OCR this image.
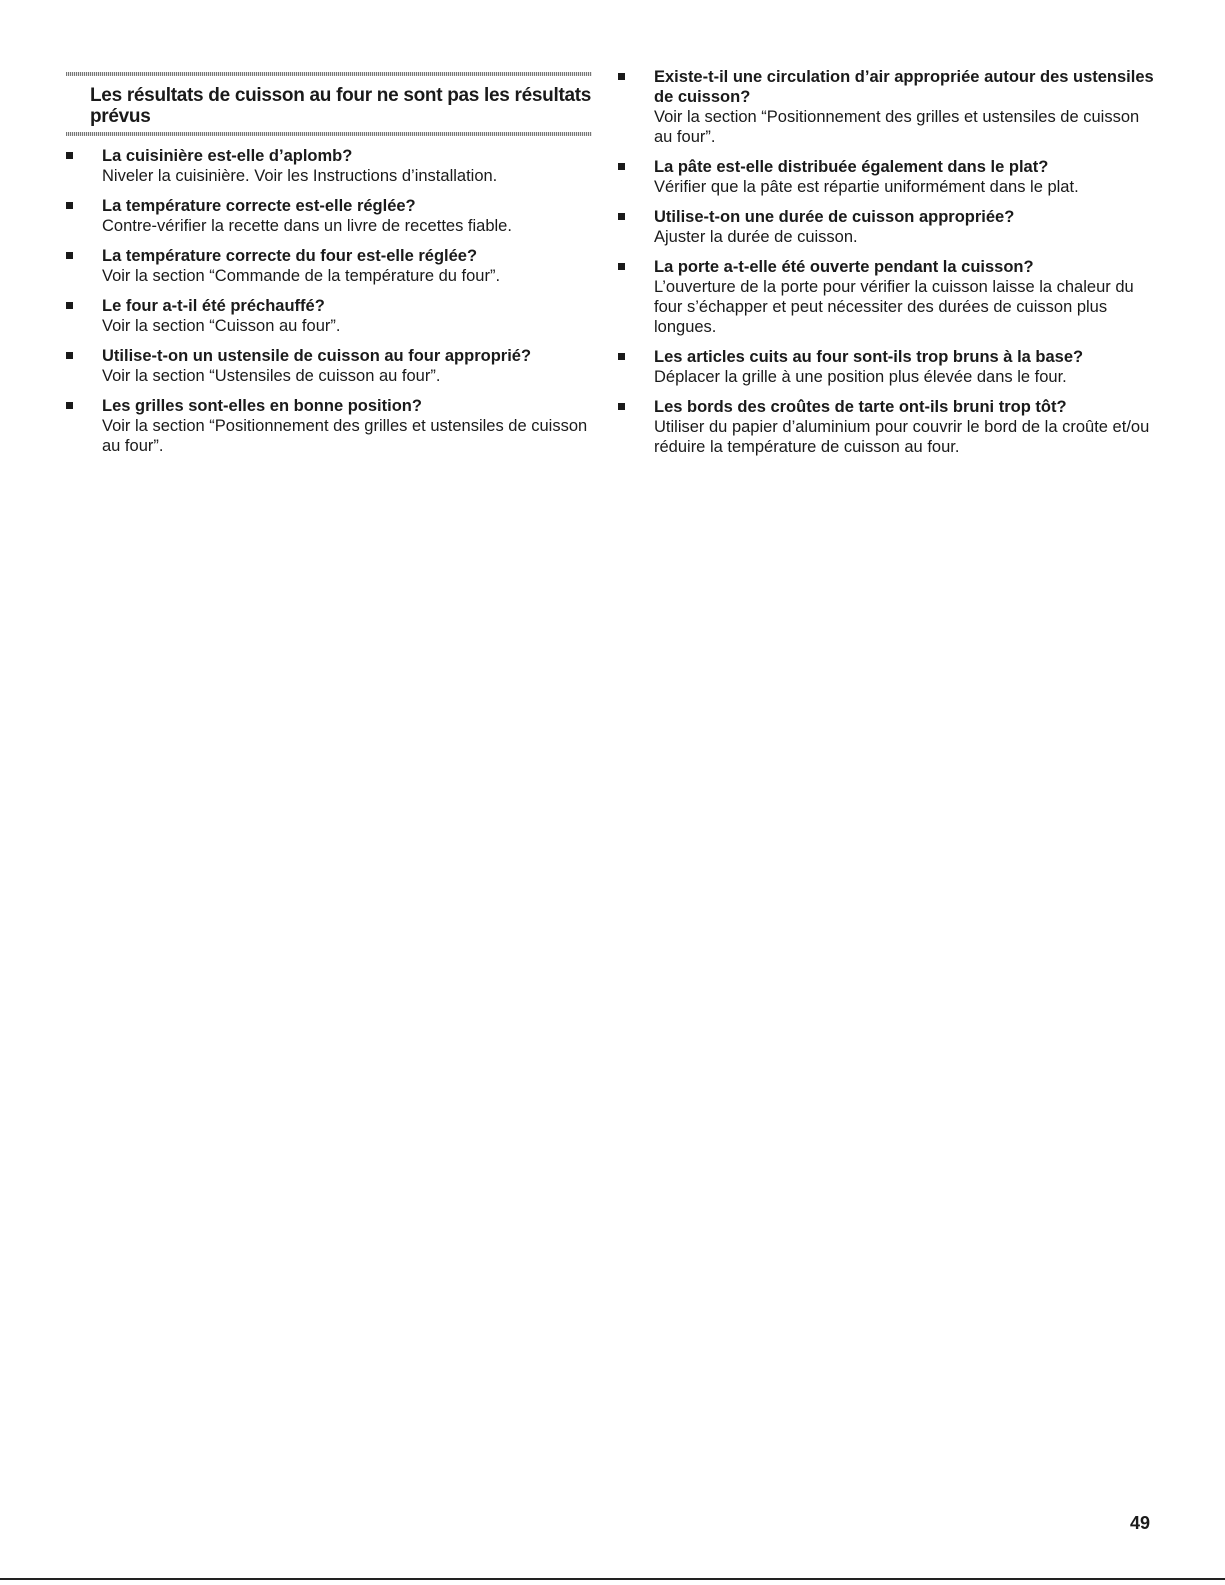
Les résultats de cuisson au four ne sont pas les résultats prévus
La cuisinière est-elle d’aplomb?
Niveler la cuisinière. Voir les Instructions d’installation.
La température correcte est-elle réglée?
Contre-vérifier la recette dans un livre de recettes fiable.
La température correcte du four est-elle réglée?
Voir la section “Commande de la température du four”.
Le four a-t-il été préchauffé?
Voir la section “Cuisson au four”.
Utilise-t-on un ustensile de cuisson au four approprié?
Voir la section “Ustensiles de cuisson au four”.
Les grilles sont-elles en bonne position?
Voir la section “Positionnement des grilles et ustensiles de cuisson au four”.
Existe-t-il une circulation d’air appropriée autour des ustensiles de cuisson?
Voir la section “Positionnement des grilles et ustensiles de cuisson au four”.
La pâte est-elle distribuée également dans le plat?
Vérifier que la pâte est répartie uniformément dans le plat.
Utilise-t-on une durée de cuisson appropriée?
Ajuster la durée de cuisson.
La porte a-t-elle été ouverte pendant la cuisson?
L’ouverture de la porte pour vérifier la cuisson laisse la chaleur du four s’échapper et peut nécessiter des durées de cuisson plus longues.
Les articles cuits au four sont-ils trop bruns à la base?
Déplacer la grille à une position plus élevée dans le four.
Les bords des croûtes de tarte ont-ils bruni trop tôt?
Utiliser du papier d’aluminium pour couvrir le bord de la croûte et/ou réduire la température de cuisson au four.
49
